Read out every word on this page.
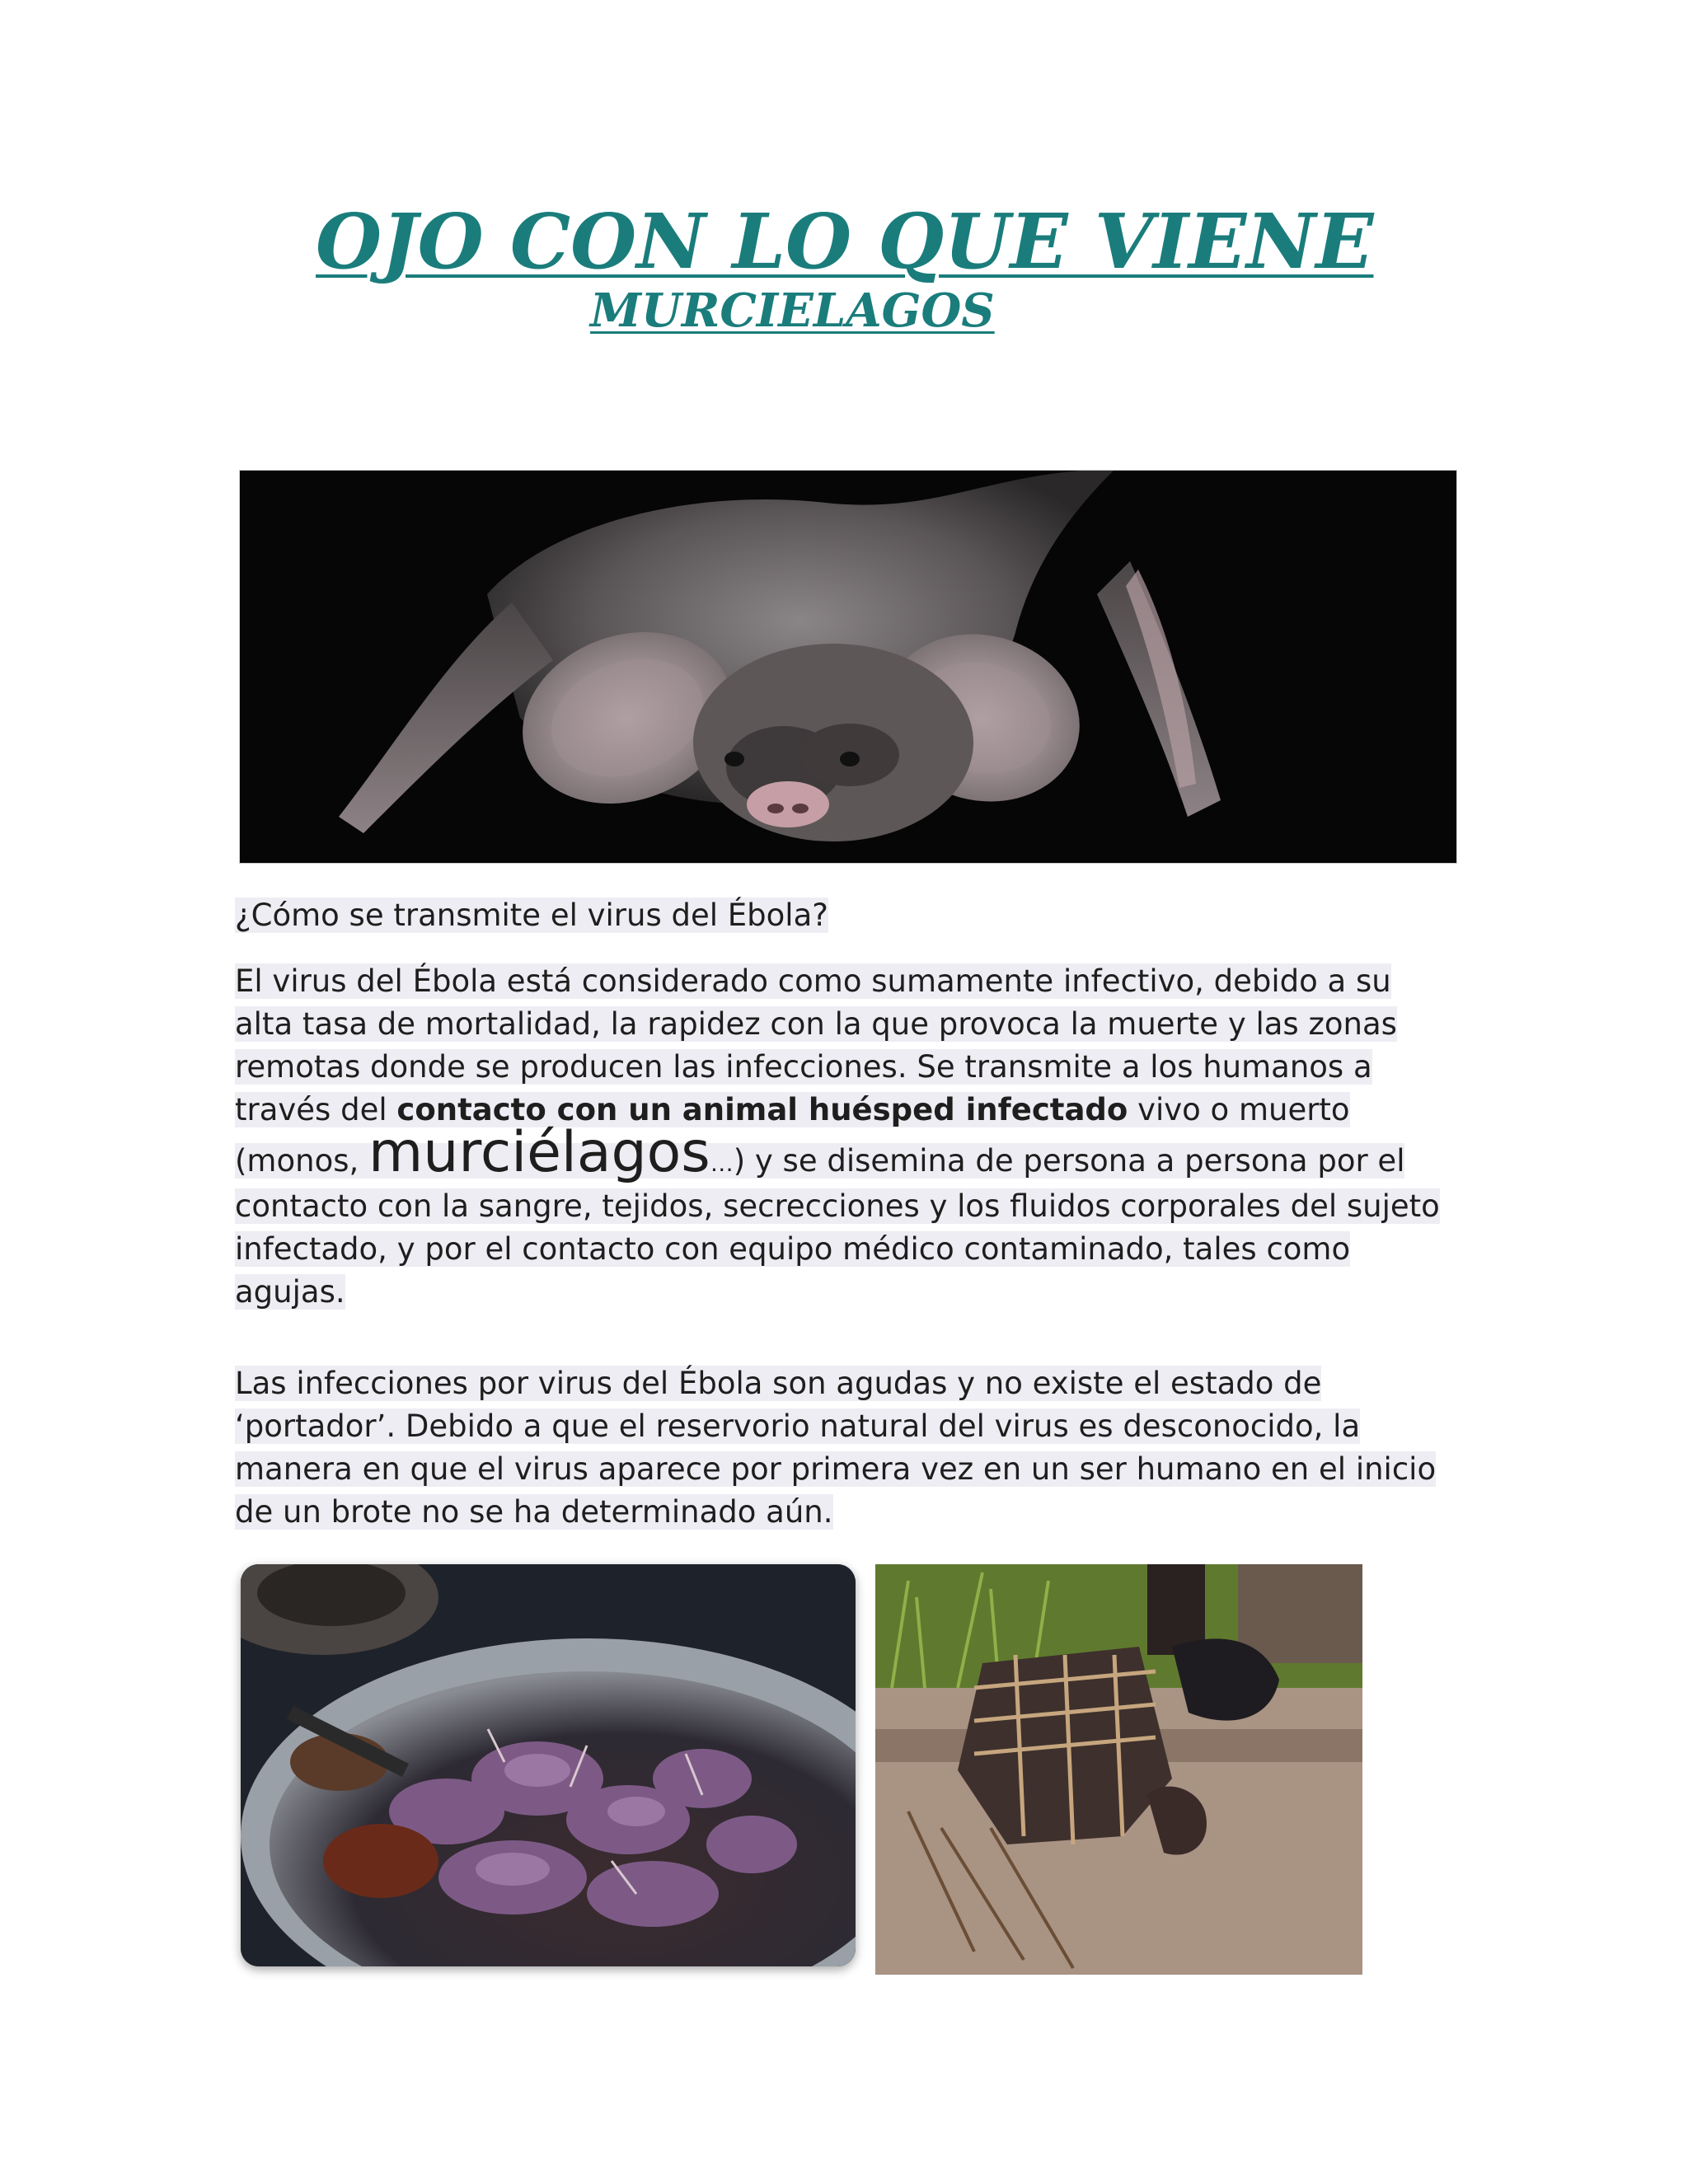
OJO CON LO QUE VIENE
MURCIELAGOS

¿Cómo se transmite el virus del Ébola?

El virus del Ébola está considerado como sumamente infectivo, debido a su alta tasa de mortalidad, la rapidez con la que provoca la muerte y las zonas remotas donde se producen las infecciones. Se transmite a los humanos a través del contacto con un animal huésped infectado vivo o muerto (monos, murciélagos…) y se disemina de persona a persona por el contacto con la sangre, tejidos, secrecciones y los fluidos corporales del sujeto infectado, y por el contacto con equipo médico contaminado, tales como agujas.

Las infecciones por virus del Ébola son agudas y no existe el estado de ‘portador’. Debido a que el reservorio natural del virus es desconocido, la manera en que el virus aparece por primera vez en un ser humano en el inicio de un brote no se ha determinado aún.
